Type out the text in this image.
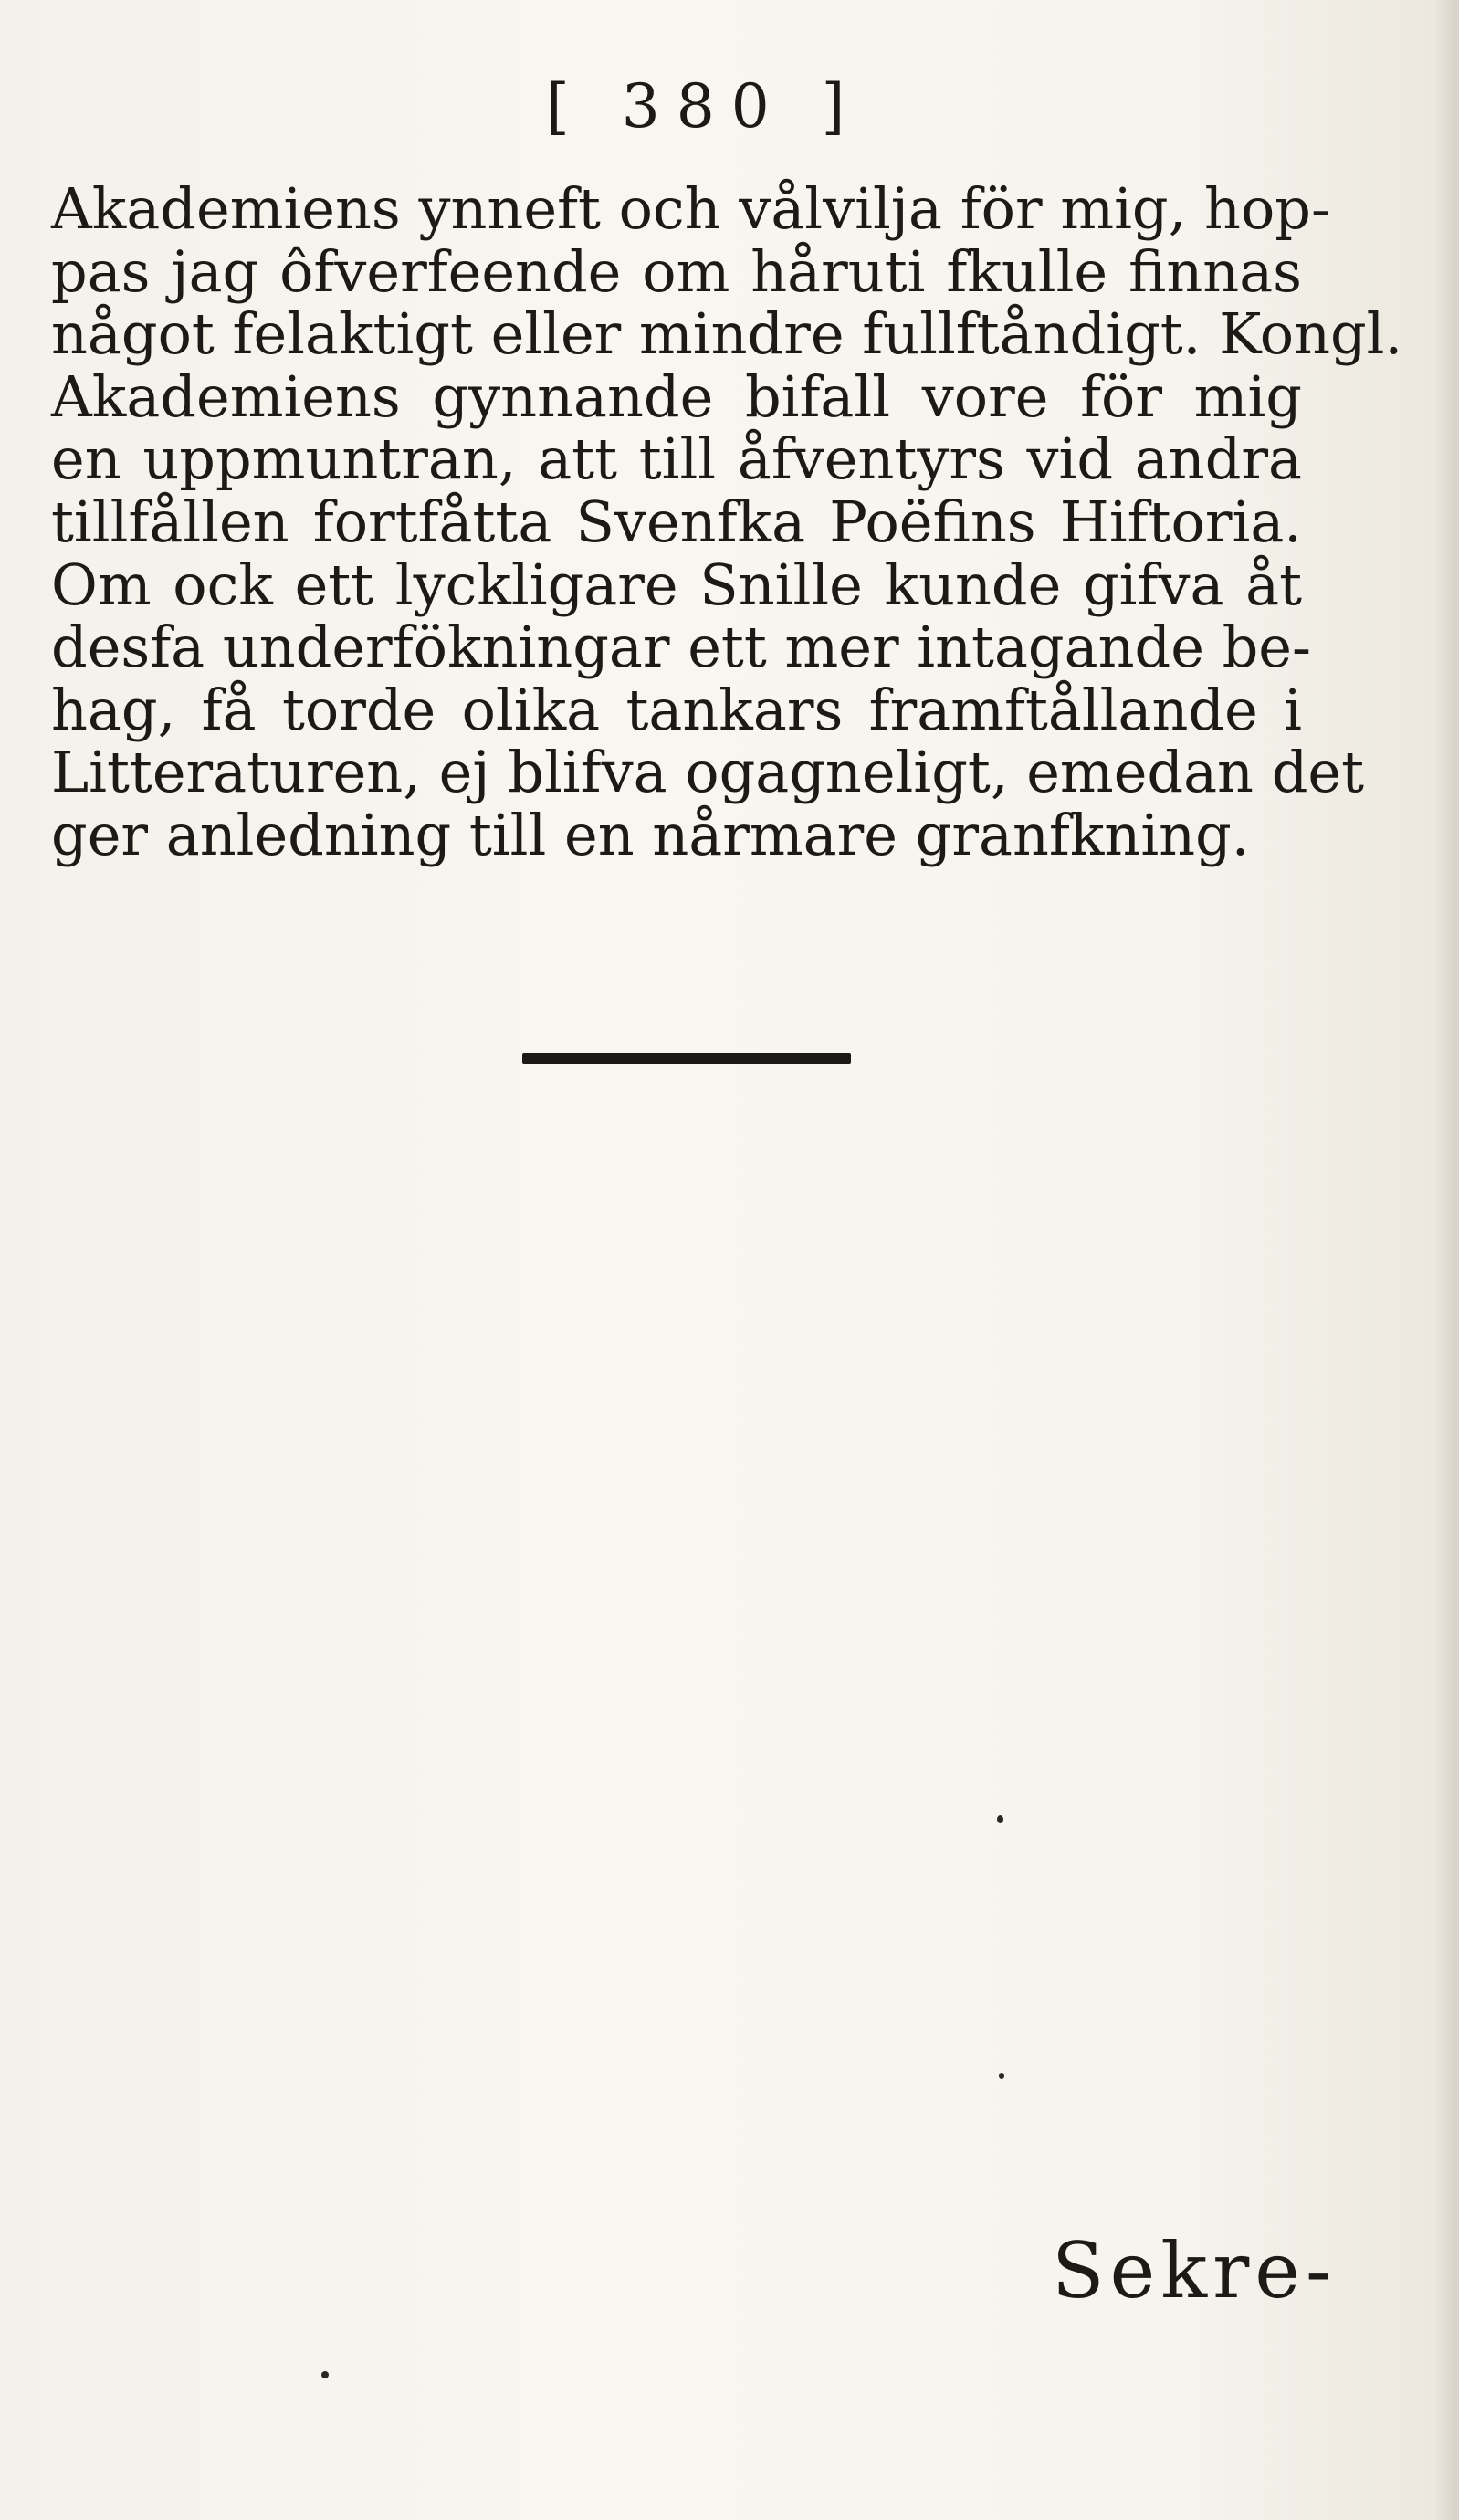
[ 380 ]
Akademiens ynneft och vålvilja för mig, hop-
pas jag ôfverfeende om håruti fkulle finnas
något felaktigt eller mindre fullftåndigt. Kongl.
Akademiens gynnande bifall vore för mig
en uppmuntran, att till åfventyrs vid andra
tillfållen fortfåtta Svenfka Poëfins Hiftoria.
Om ock ett lyckligare Snille kunde gifva åt
desfa underfökningar ett mer intagande be-
hag, få torde olika tankars framftållande i
Litteraturen, ej blifva ogagneligt, emedan det
ger anledning till en nårmare granfkning.
Sekre-
